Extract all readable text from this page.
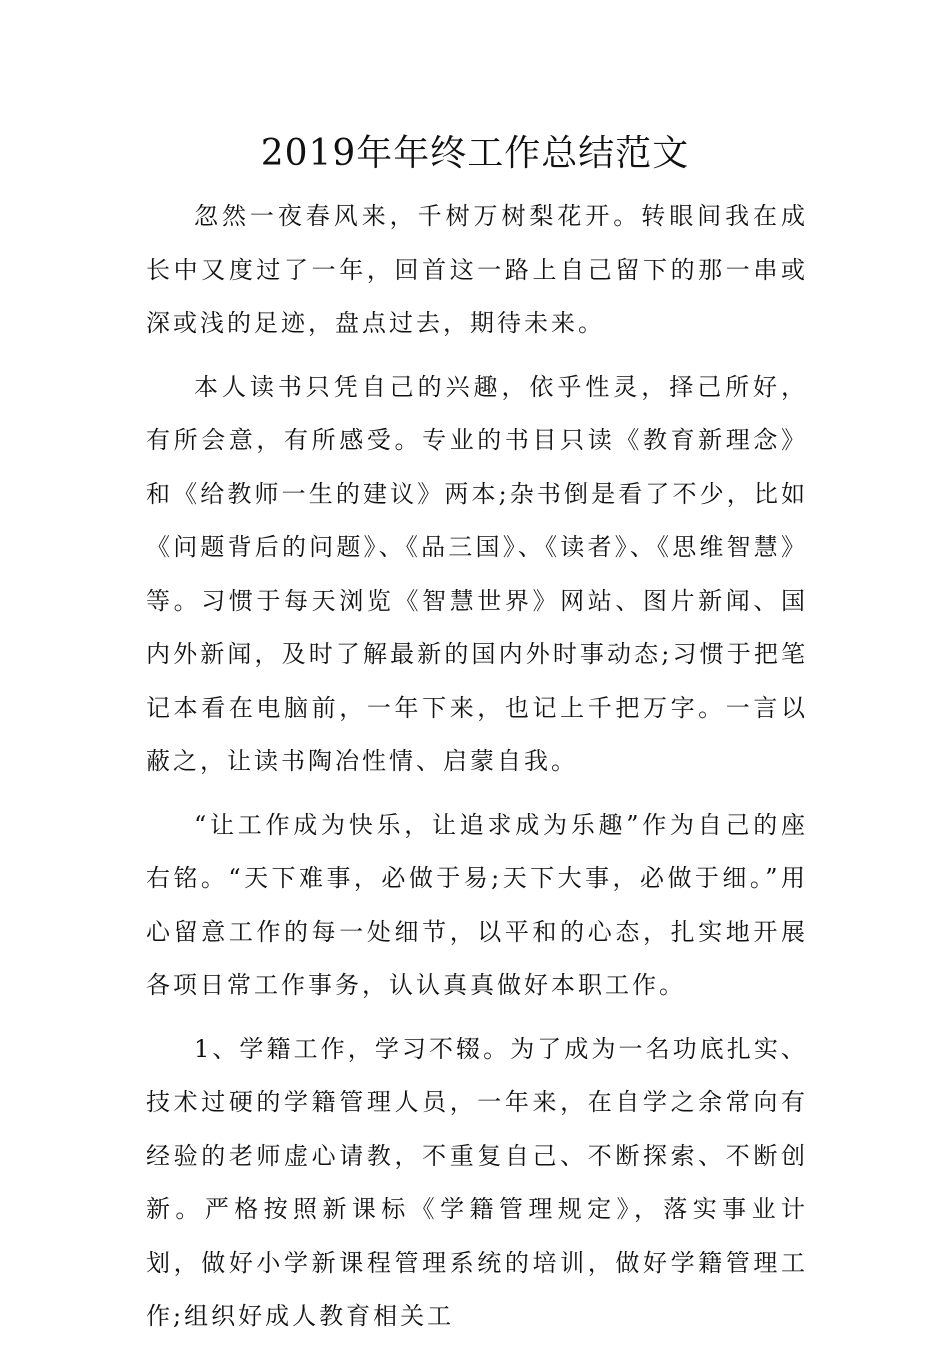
2019年年终工作总结范文

忽然一夜春风来，千树万树梨花开。转眼间我在成长中又度过了一年，回首这一路上自己留下的那一串或深或浅的足迹，盘点过去，期待未来。

本人读书只凭自己的兴趣，依乎性灵，择己所好，有所会意，有所感受。专业的书目只读《教育新理念》和《给教师一生的建议》两本;杂书倒是看了不少，比如《问题背后的问题》、《品三国》、《读者》、《思维智慧》等。习惯于每天浏览《智慧世界》网站、图片新闻、国内外新闻，及时了解最新的国内外时事动态;习惯于把笔记本看在电脑前，一年下来，也记上千把万字。一言以蔽之，让读书陶冶性情、启蒙自我。

“让工作成为快乐，让追求成为乐趣”作为自己的座右铭。“天下难事，必做于易;天下大事，必做于细。”用心留意工作的每一处细节，以平和的心态，扎实地开展各项日常工作事务，认认真真做好本职工作。

1、学籍工作，学习不辍。为了成为一名功底扎实、技术过硬的学籍管理人员，一年来，在自学之余常向有经验的老师虚心请教，不重复自己、不断探索、不断创新。严格按照新课标《学籍管理规定》，落实事业计划，做好小学新课程管理系统的培训，做好学籍管理工作;组织好成人教育相关工
